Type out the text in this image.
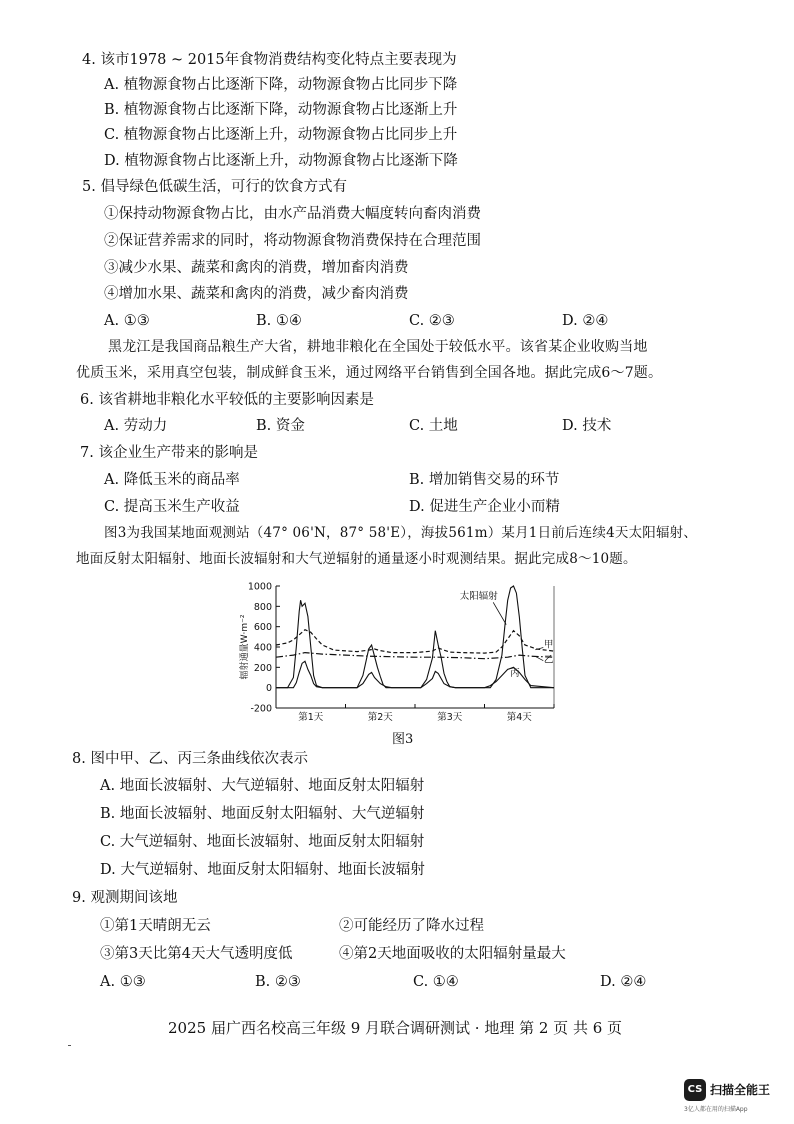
4. 该市1978 ~ 2015年食物消费结构变化特点主要表现为
A. 植物源食物占比逐渐下降，动物源食物占比同步下降
B. 植物源食物占比逐渐下降，动物源食物占比逐渐上升
C. 植物源食物占比逐渐上升，动物源食物占比同步上升
D. 植物源食物占比逐渐上升，动物源食物占比逐渐下降
5. 倡导绿色低碳生活，可行的饮食方式有
①保持动物源食物占比，由水产品消费大幅度转向畜肉消费
②保证营养需求的同时，将动物源食物消费保持在合理范围
③减少水果、蔬菜和禽肉的消费，增加畜肉消费
④增加水果、蔬菜和禽肉的消费，减少畜肉消费
A. ①③	B. ①④	C. ②③	D. ②④
黑龙江是我国商品粮生产大省，耕地非粮化在全国处于较低水平。该省某企业收购当地
优质玉米，采用真空包装，制成鲜食玉米，通过网络平台销售到全国各地。据此完成6～7题。
6. 该省耕地非粮化水平较低的主要影响因素是
A. 劳动力	B. 资金	C. 土地	D. 技术
7. 该企业生产带来的影响是
A. 降低玉米的商品率	B. 增加销售交易的环节
C. 提高玉米生产收益	D. 促进生产企业小而精
图3为我国某地面观测站（47° 06'N，87° 58'E），海拔561m）某月1日前后连续4天太阳辐射、
地面反射太阳辐射、地面长波辐射和大气逆辐射的通量逐小时观测结果。据此完成8～10题。
1000
800
600
400
200
0
-200
辐射通量W·m⁻²
第1天	第2天	第3天	第4天
太阳辐射
甲
乙
丙
图3
8. 图中甲、乙、丙三条曲线依次表示
A. 地面长波辐射、大气逆辐射、地面反射太阳辐射
B. 地面长波辐射、地面反射太阳辐射、大气逆辐射
C. 大气逆辐射、地面长波辐射、地面反射太阳辐射
D. 大气逆辐射、地面反射太阳辐射、地面长波辐射
9. 观测期间该地
①第1天晴朗无云	②可能经历了降水过程
③第3天比第4天大气透明度低	④第2天地面吸收的太阳辐射量最大
A. ①③	B. ②③	C. ①④	D. ②④
2025 届广西名校高三年级 9 月联合调研测试 · 地理 第 2 页 共 6 页
CS 扫描全能王
3亿人都在用的扫描App
